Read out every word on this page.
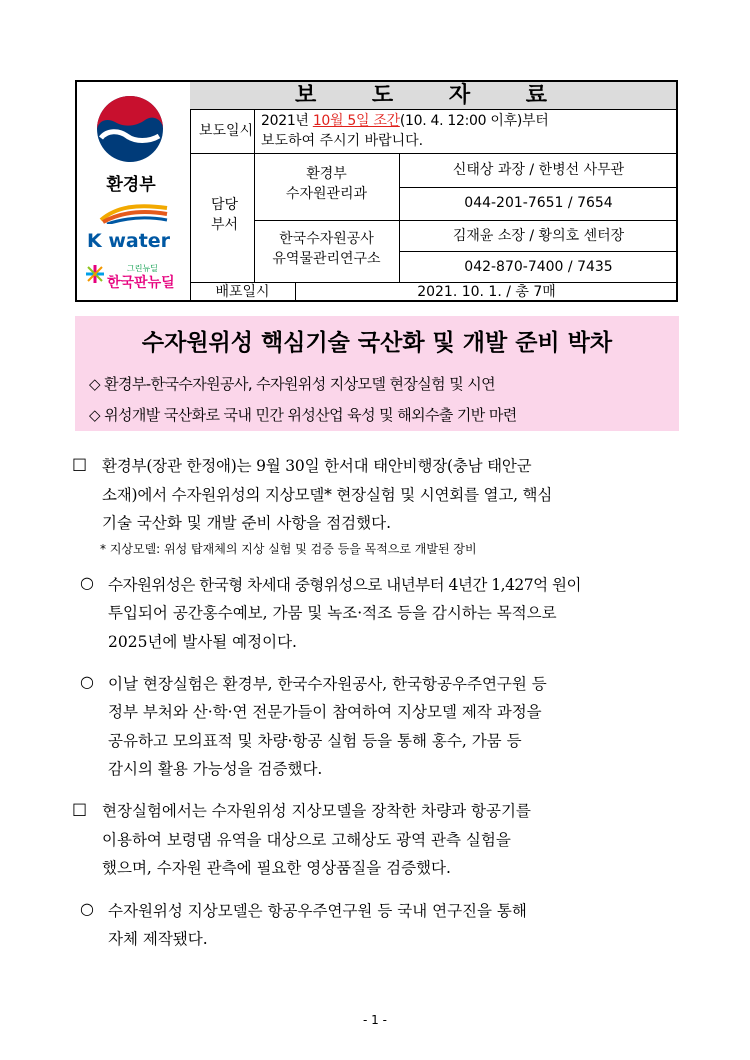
보 도 자 료
보도일시
2021년 10월 5일 조간(10. 4. 12:00 이후)부터
보도하여 주시기 바랍니다.
담당
부서
환경부
수자원관리과
신태상 과장 / 한병선 사무관
044-201-7651 / 7654
한국수자원공사
유역물관리연구소
김재윤 소장 / 황의호 센터장
042-870-7400 / 7435
배포일시	2021. 10. 1. / 총 7매
환경부
K water
그린뉴딜
한국판뉴딜
수자원위성 핵심기술 국산화 및 개발 준비 박차
◇ 환경부-한국수자원공사, 수자원위성 지상모델 현장실험 및 시연
◇ 위성개발 국산화로 국내 민간 위성산업 육성 및 해외수출 기반 마련
□ 환경부(장관 한정애)는 9월 30일 한서대 태안비행장(충남 태안군
소재)에서 수자원위성의 지상모델* 현장실험 및 시연회를 열고, 핵심
기술 국산화 및 개발 준비 사항을 점검했다.
* 지상모델: 위성 탑재체의 지상 실험 및 검증 등을 목적으로 개발된 장비
○ 수자원위성은 한국형 차세대 중형위성으로 내년부터 4년간 1,427억 원이
투입되어 공간홍수예보, 가뭄 및 녹조·적조 등을 감시하는 목적으로
2025년에 발사될 예정이다.
○ 이날 현장실험은 환경부, 한국수자원공사, 한국항공우주연구원 등
정부 부처와 산·학·연 전문가들이 참여하여 지상모델 제작 과정을
공유하고 모의표적 및 차량·항공 실험 등을 통해 홍수, 가뭄 등
감시의 활용 가능성을 검증했다.
□ 현장실험에서는 수자원위성 지상모델을 장착한 차량과 항공기를
이용하여 보령댐 유역을 대상으로 고해상도 광역 관측 실험을
했으며, 수자원 관측에 필요한 영상품질을 검증했다.
○ 수자원위성 지상모델은 항공우주연구원 등 국내 연구진을 통해
자체 제작됐다.
- 1 -
